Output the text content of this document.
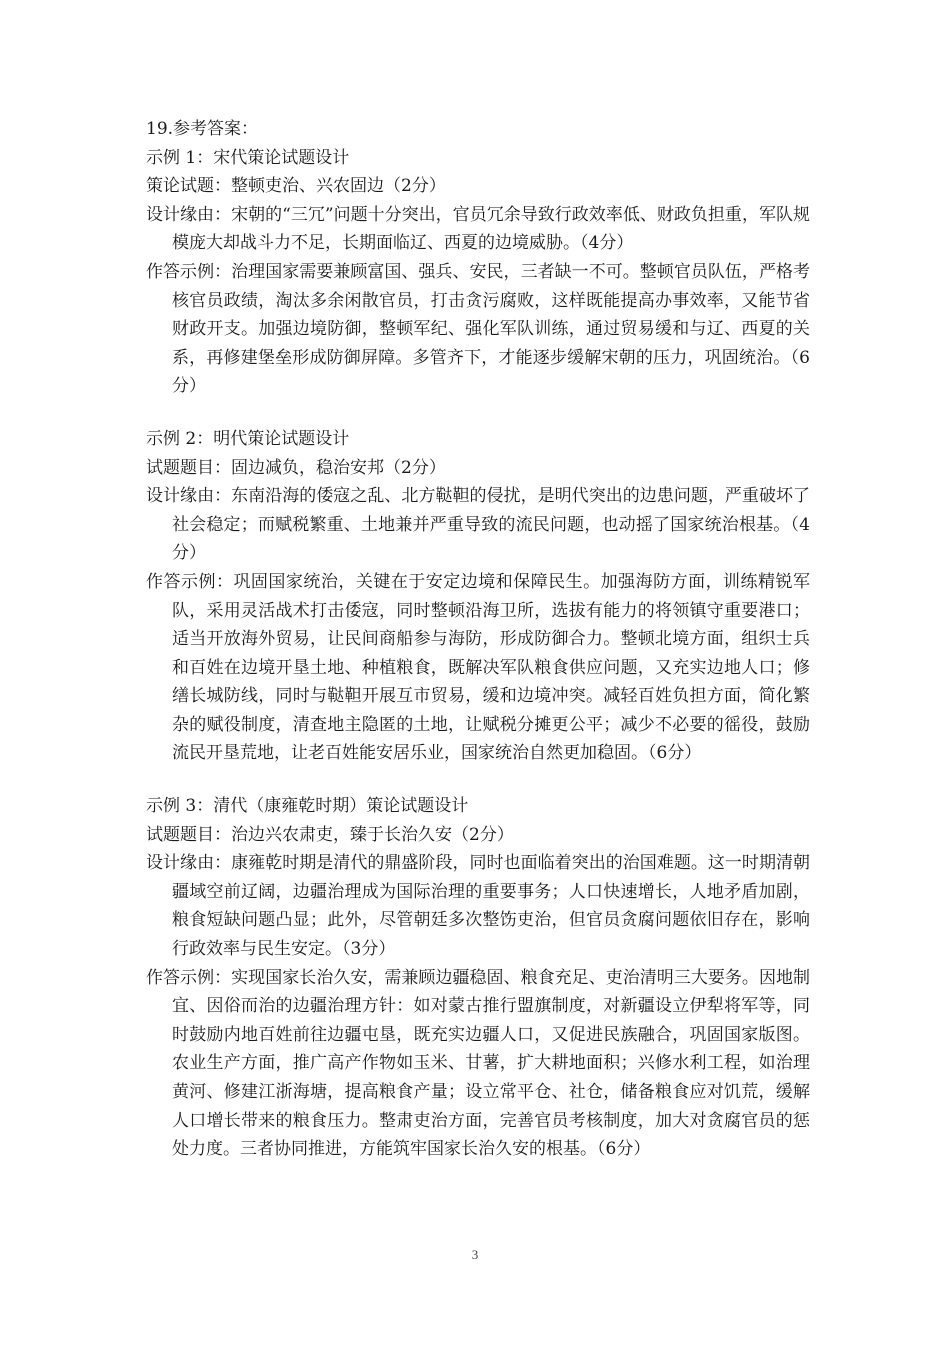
19.参考答案：

示例 1：宋代策论试题设计

策论试题：整顿吏治、兴农固边（2分）

设计缘由：宋朝的“三冗”问题十分突出，官员冗余导致行政效率低、财政负担重，军队规模庞大却战斗力不足，长期面临辽、西夏的边境威胁。（4分）

作答示例：治理国家需要兼顾富国、强兵、安民，三者缺一不可。整顿官员队伍，严格考核官员政绩，淘汰多余闲散官员，打击贪污腐败，这样既能提高办事效率，又能节省财政开支。加强边境防御，整顿军纪、强化军队训练，通过贸易缓和与辽、西夏的关系，再修建堡垒形成防御屏障。多管齐下，才能逐步缓解宋朝的压力，巩固统治。（6分）

示例 2：明代策论试题设计

试题题目：固边减负，稳治安邦（2分）

设计缘由：东南沿海的倭寇之乱、北方鞑靼的侵扰，是明代突出的边患问题，严重破坏了社会稳定；而赋税繁重、土地兼并严重导致的流民问题，也动摇了国家统治根基。（4分）

作答示例：巩固国家统治，关键在于安定边境和保障民生。加强海防方面，训练精锐军队，采用灵活战术打击倭寇，同时整顿沿海卫所，选拔有能力的将领镇守重要港口；适当开放海外贸易，让民间商船参与海防，形成防御合力。整顿北境方面，组织士兵和百姓在边境开垦土地、种植粮食，既解决军队粮食供应问题，又充实边地人口；修缮长城防线，同时与鞑靼开展互市贸易，缓和边境冲突。减轻百姓负担方面，简化繁杂的赋役制度，清查地主隐匿的土地，让赋税分摊更公平；减少不必要的徭役，鼓励流民开垦荒地，让老百姓能安居乐业，国家统治自然更加稳固。（6分）

示例 3：清代（康雍乾时期）策论试题设计

试题题目：治边兴农肃吏，臻于长治久安（2分）

设计缘由：康雍乾时期是清代的鼎盛阶段，同时也面临着突出的治国难题。这一时期清朝疆域空前辽阔，边疆治理成为国际治理的重要事务；人口快速增长，人地矛盾加剧，粮食短缺问题凸显；此外，尽管朝廷多次整饬吏治，但官员贪腐问题依旧存在，影响行政效率与民生安定。（3分）

作答示例：实现国家长治久安，需兼顾边疆稳固、粮食充足、吏治清明三大要务。因地制宜、因俗而治的边疆治理方针：如对蒙古推行盟旗制度，对新疆设立伊犁将军等，同时鼓励内地百姓前往边疆屯垦，既充实边疆人口，又促进民族融合，巩固国家版图。农业生产方面，推广高产作物如玉米、甘薯，扩大耕地面积；兴修水利工程，如治理黄河、修建江浙海塘，提高粮食产量；设立常平仓、社仓，储备粮食应对饥荒，缓解人口增长带来的粮食压力。整肃吏治方面，完善官员考核制度，加大对贪腐官员的惩处力度。三者协同推进，方能筑牢国家长治久安的根基。（6分）

3
